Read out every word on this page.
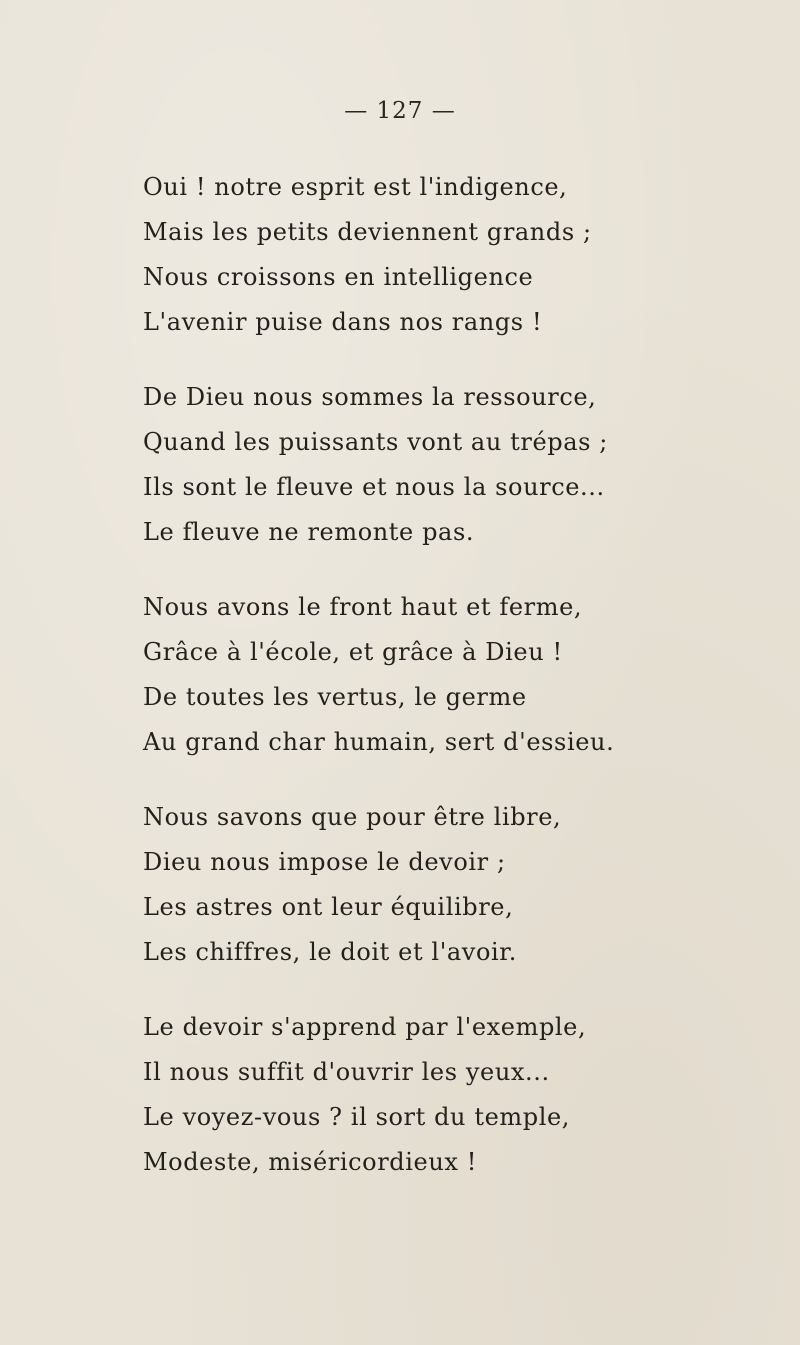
— 127 —
Oui ! notre esprit est l'indigence,
Mais les petits deviennent grands ;
Nous croissons en intelligence
L'avenir puise dans nos rangs !
De Dieu nous sommes la ressource,
Quand les puissants vont au trépas ;
Ils sont le fleuve et nous la source...
Le fleuve ne remonte pas.
Nous avons le front haut et ferme,
Grâce à l'école, et grâce à Dieu !
De toutes les vertus, le germe
Au grand char humain, sert d'essieu.
Nous savons que pour être libre,
Dieu nous impose le devoir ;
Les astres ont leur équilibre,
Les chiffres, le doit et l'avoir.
Le devoir s'apprend par l'exemple,
Il nous suffit d'ouvrir les yeux...
Le voyez-vous ? il sort du temple,
Modeste, miséricordieux !
